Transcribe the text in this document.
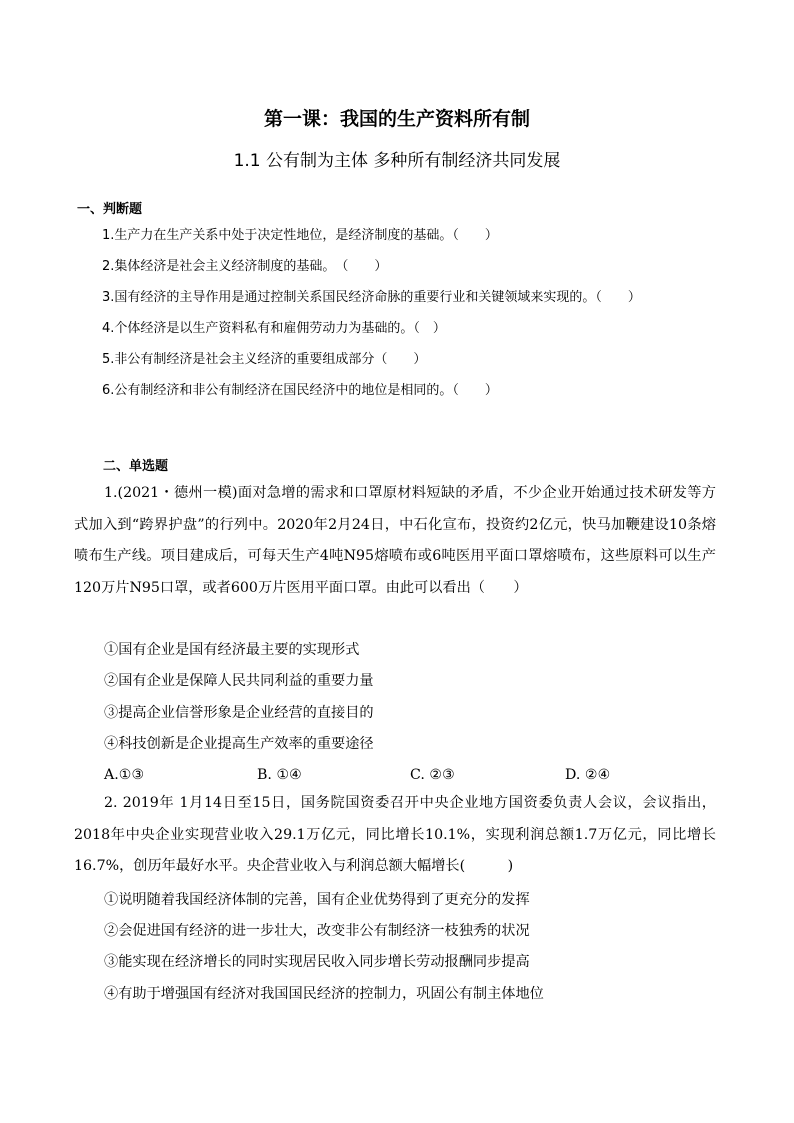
第一课：我国的生产资料所有制
1.1 公有制为主体 多种所有制经济共同发展
一、判断题
1.生产力在生产关系中处于决定性地位，是经济制度的基础。（　　）
2.集体经济是社会主义经济制度的基础。　（　　）
3.国有经济的主导作用是通过控制关系国民经济命脉的重要行业和关键领域来实现的。（　　）
4.个体经济是以生产资料私有和雇佣劳动力为基础的。（　）
5.非公有制经济是社会主义经济的重要组成部分（　　）
6.公有制经济和非公有制经济在国民经济中的地位是相同的。（　　）
二、单选题

1.(2021・德州一模)面对急增的需求和口罩原材料短缺的矛盾，不少企业开始通过技术研发等方式加入到“跨界护盘”的行列中。2020年2月24日，中石化宣布，投资约2亿元，快马加鞭建设10条熔喷布生产线。项目建成后，可每天生产4吨N95熔喷布或6吨医用平面口罩熔喷布，这些原料可以生产120万片N95口罩，或者600万片医用平面口罩。由此可以看出（　　）

①国有企业是国有经济最主要的实现形式
②国有企业是保障人民共同利益的重要力量
③提高企业信誉形象是企业经营的直接目的
④科技创新是企业提高生产效率的重要途径
A.①③	B. ①④	C. ②③	D. ②④

2. 2019年 1月14日至15日，国务院国资委召开中央企业地方国资委负责人会议，会议指出，2018年中央企业实现营业收入29.1万亿元，同比增长10.1%，实现利润总额1.7万亿元，同比增长16.7%，创历年最好水平。央企营业收入与利润总额大幅增长(　　　)

①说明随着我国经济体制的完善，国有企业优势得到了更充分的发挥
②会促进国有经济的进一步壮大，改变非公有制经济一枝独秀的状况
③能实现在经济增长的同时实现居民收入同步增长劳动报酬同步提高
④有助于增强国有经济对我国国民经济的控制力，巩固公有制主体地位
